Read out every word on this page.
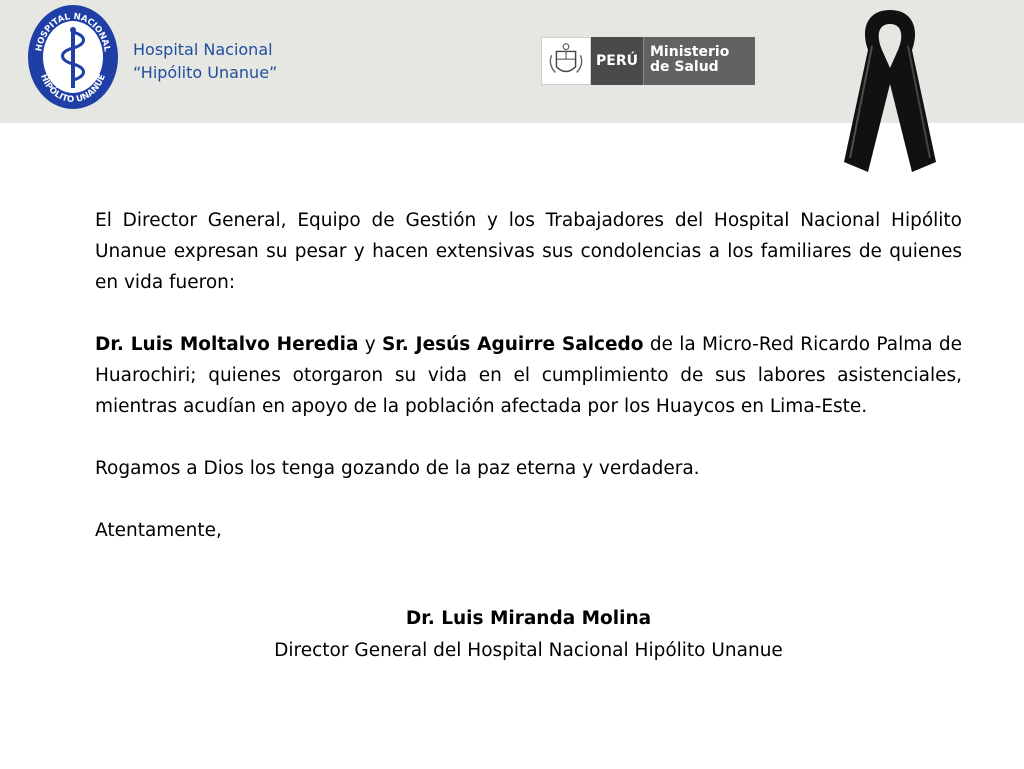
HOSPITAL NACIONAL
HIPÓLITO UNANUE
Hospital Nacional
“Hipólito Unanue”
PERÚ
Ministerio
de Salud

El Director General, Equipo de Gestión y los Trabajadores del Hospital Nacional Hipólito Unanue expresan su pesar y hacen extensivas sus condolencias a los familiares de quienes en vida fueron:

Dr. Luis Moltalvo Heredia y Sr. Jesús Aguirre Salcedo de la Micro-Red Ricardo Palma de Huarochiri; quienes otorgaron su vida en el cumplimiento de sus labores asistenciales, mientras acudían en apoyo de la población afectada por los Huaycos en Lima-Este.

Rogamos a Dios los tenga gozando de la paz eterna y verdadera.

Atentamente,

Dr. Luis Miranda Molina
Director General del Hospital Nacional Hipólito Unanue
